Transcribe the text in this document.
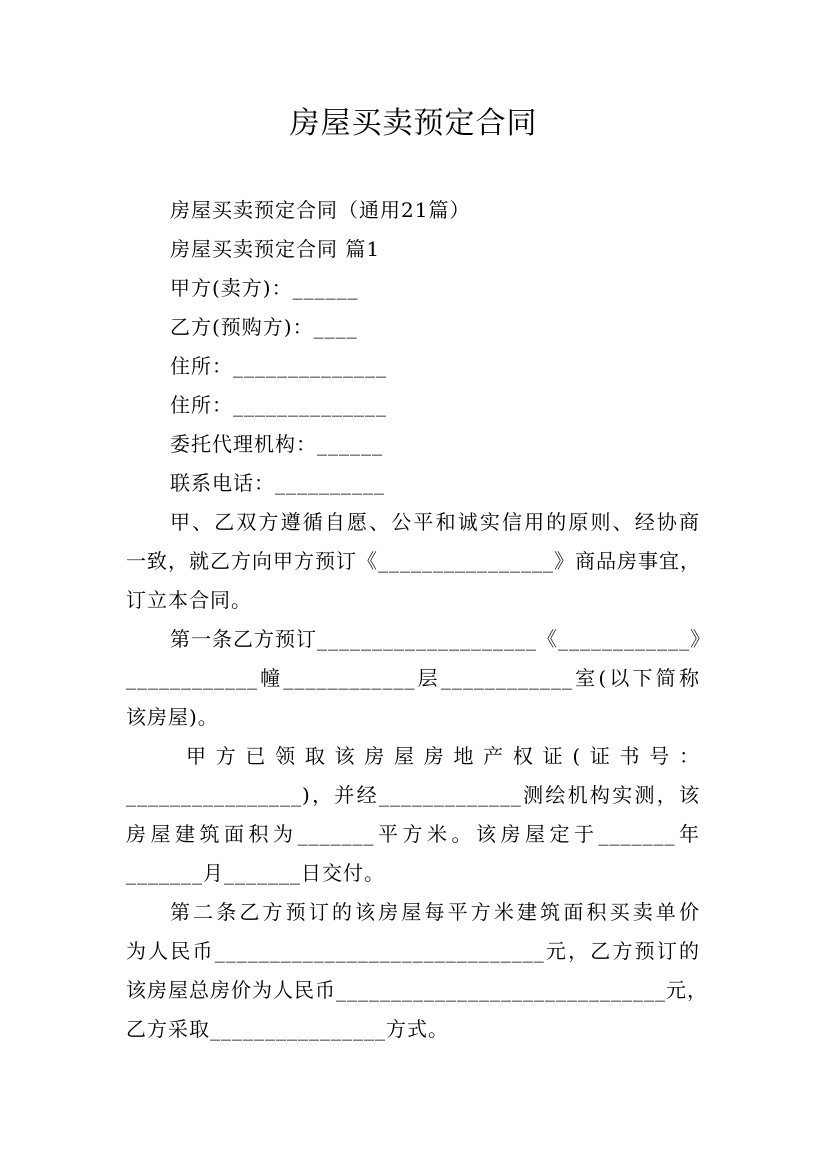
房屋买卖预定合同

房屋买卖预定合同（通用21篇）

房屋买卖预定合同 篇1

甲方(卖方)：______

乙方(预购方)：____

住所：______________

住所：______________

委托代理机构：______

联系电话：__________

甲、乙双方遵循自愿、公平和诚实信用的原则、经协商

一致，就乙方向甲方预订《________________》商品房事宜，

订立本合同。

第一条乙方预订____________________《____________》

____________幢____________层____________室(以下简称

该房屋)。

甲方已领取该房屋房地产权证(证书号：

________________)，并经_____________测绘机构实测，该

房屋建筑面积为_______平方米。该房屋定于_______年

_______月_______日交付。

第二条乙方预订的该房屋每平方米建筑面积买卖单价

为人民币______________________________元，乙方预订的

该房屋总房价为人民币______________________________元，

乙方采取________________方式。
